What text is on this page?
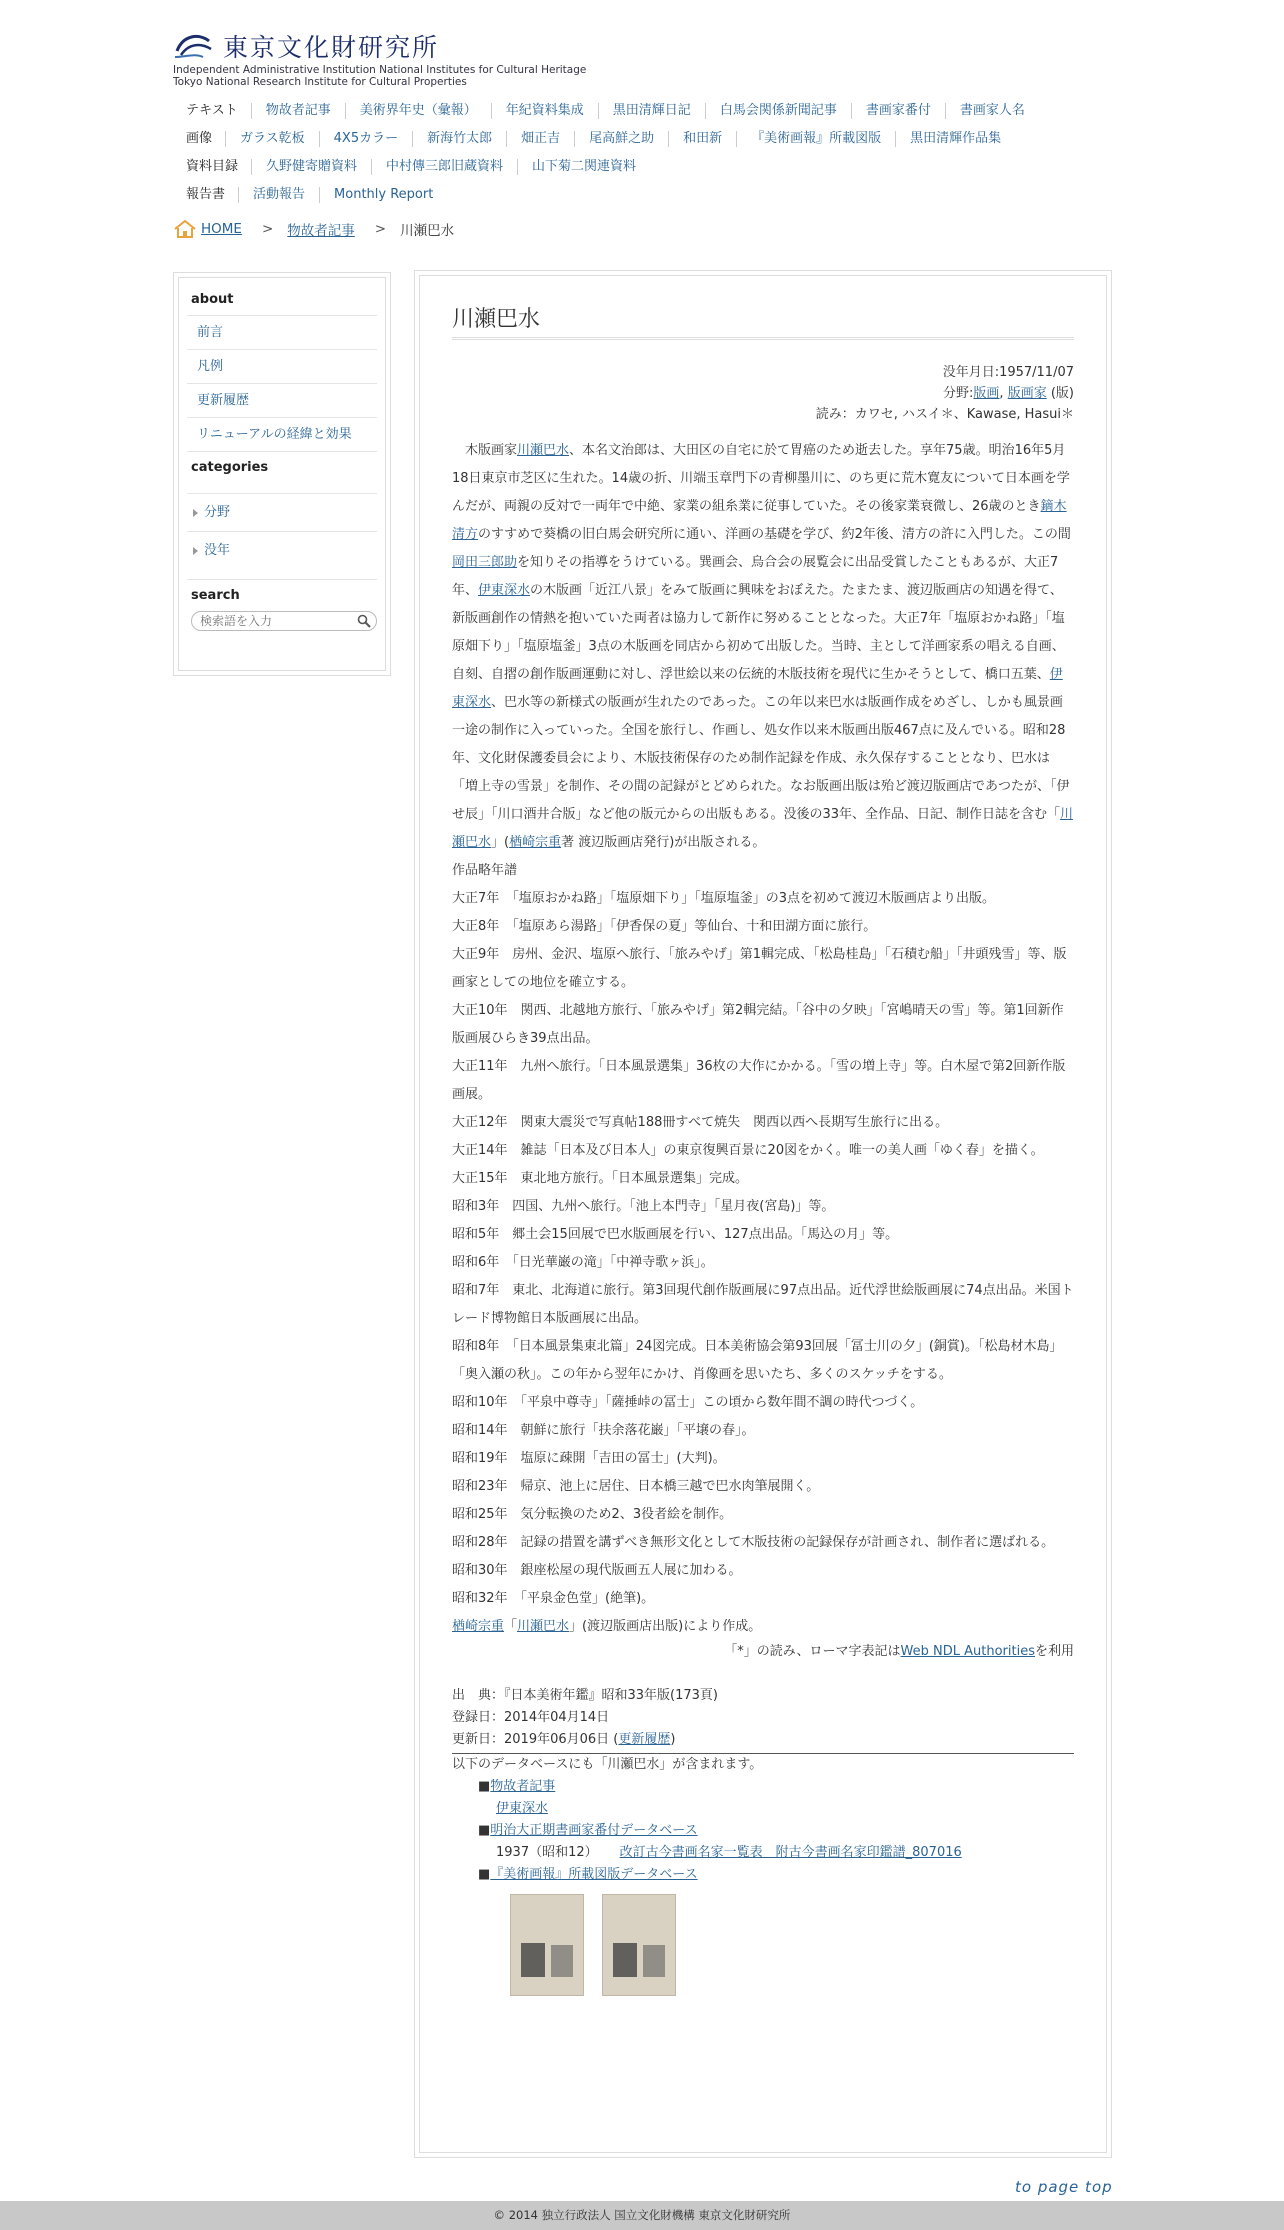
東京文化財研究所
Independent Administrative Institution National Institutes for Cultural Heritage
Tokyo National Research Institute for Cultural Properties
テキスト	物故者記事	美術界年史（彙報）	年紀資料集成	黒田清輝日記	白馬会関係新聞記事	書画家番付	書画家人名
画像	ガラス乾板	4X5カラー	新海竹太郎	畑正吉	尾高鮮之助	和田新	『美術画報』所載図版	黒田清輝作品集
資料目録	久野健寄贈資料	中村傳三郎旧蔵資料	山下菊二関連資料
報告書	活動報告	Monthly Report
HOME > 物故者記事 > 川瀬巴水
about
前言
凡例
更新履歴
リニューアルの経緯と効果
categories
分野
没年
search
検索語を入力
川瀬巴水
没年月日:1957/11/07
分野:版画, 版画家 (版)
読み：カワセ, ハスイ＊、Kawase, Hasui＊

　木版画家川瀬巴水、本名文治郎は、大田区の自宅に於て胃癌のため逝去した。享年75歳。明治16年5月18日東京市芝区に生れた。14歳の折、川端玉章門下の青柳墨川に、のち更に荒木寛友について日本画を学んだが、両親の反対で一両年で中絶、家業の組糸業に従事していた。その後家業衰微し、26歳のとき鏑木清方のすすめで葵橋の旧白馬会研究所に通い、洋画の基礎を学び、約2年後、清方の許に入門した。この間岡田三郎助を知りその指導をうけている。巽画会、烏合会の展覧会に出品受賞したこともあるが、大正7年、伊東深水の木版画「近江八景」をみて版画に興味をおぼえた。たまたま、渡辺版画店の知遇を得て、新版画創作の情熱を抱いていた両者は協力して新作に努めることとなった。大正7年「塩原おかね路」「塩原畑下り」「塩原塩釜」3点の木版画を同店から初めて出版した。当時、主として洋画家系の唱える自画、自刻、自摺の創作版画運動に対し、浮世絵以来の伝統的木版技術を現代に生かそうとして、橋口五葉、伊東深水、巴水等の新様式の版画が生れたのであった。この年以来巴水は版画作成をめざし、しかも風景画一途の制作に入っていった。全国を旅行し、作画し、処女作以来木版画出版467点に及んでいる。昭和28年、文化財保護委員会により、木版技術保存のため制作記録を作成、永久保存することとなり、巴水は「増上寺の雪景」を制作、その間の記録がとどめられた。なお版画出版は殆ど渡辺版画店であつたが、「伊せ辰」「川口酒井合版」など他の版元からの出版もある。没後の33年、全作品、日記、制作日誌を含む「川瀬巴水」(楢崎宗重著 渡辺版画店発行)が出版される。

作品略年譜
大正7年　「塩原おかね路」「塩原畑下り」「塩原塩釜」の3点を初めて渡辺木版画店より出版。
大正8年　「塩原あら湯路」「伊香保の夏」等仙台、十和田湖方面に旅行。
大正9年　房州、金沢、塩原へ旅行、「旅みやげ」第1輯完成、「松島桂島」「石積む船」「井頭残雪」等、版画家としての地位を確立する。
大正10年　関西、北越地方旅行、「旅みやげ」第2輯完結。「谷中の夕映」「宮嶋晴天の雪」等。第1回新作版画展ひらき39点出品。
大正11年　九州へ旅行。「日本風景選集」36枚の大作にかかる。「雪の増上寺」等。白木屋で第2回新作版画展。
大正12年　関東大震災で写真帖188冊すべて焼失　関西以西へ長期写生旅行に出る。
大正14年　雑誌「日本及び日本人」の東京復興百景に20図をかく。唯一の美人画「ゆく春」を描く。
大正15年　東北地方旅行。「日本風景選集」完成。
昭和3年　四国、九州へ旅行。「池上本門寺」「星月夜(宮島)」等。
昭和5年　郷土会15回展で巴水版画展を行い、127点出品。「馬込の月」等。
昭和6年　「日光華巌の滝」「中禅寺歌ヶ浜」。
昭和7年　東北、北海道に旅行。第3回現代創作版画展に97点出品。近代浮世絵版画展に74点出品。米国トレード博物館日本版画展に出品。
昭和8年　「日本風景集東北篇」24図完成。日本美術協会第93回展「冨士川の夕」(銅賞)。「松島材木島」「奥入瀬の秋」。この年から翌年にかけ、肖像画を思いたち、多くのスケッチをする。
昭和10年　「平泉中尊寺」「薩捶峠の冨士」この頃から数年間不調の時代つづく。
昭和14年　朝鮮に旅行「扶余落花巌」「平壌の春」。
昭和19年　塩原に疎開「吉田の冨士」(大判)。
昭和23年　帰京、池上に居住、日本橋三越で巴水肉筆展開く。
昭和25年　気分転換のため2、3役者絵を制作。
昭和28年　記録の措置を講ずべき無形文化として木版技術の記録保存が計画され、制作者に選ばれる。
昭和30年　銀座松屋の現代版画五人展に加わる。
昭和32年　「平泉金色堂」(絶筆)。
楢崎宗重「川瀬巴水」(渡辺版画店出版)により作成。
「*」の読み、ローマ字表記はWeb NDL Authoritiesを利用
出　典：『日本美術年鑑』昭和33年版(173頁)
登録日：2014年04月14日
更新日：2019年06月06日 (更新履歴)
以下のデータベースにも「川瀬巴水」が含まれます。
■物故者記事
伊東深水
■明治大正期書画家番付データベース
1937（昭和12） 改訂古今書画名家一覧表　附古今書画名家印鑑譜_807016
■『美術画報』所載図版データベース
to page top
© 2014 独立行政法人 国立文化財機構 東京文化財研究所
